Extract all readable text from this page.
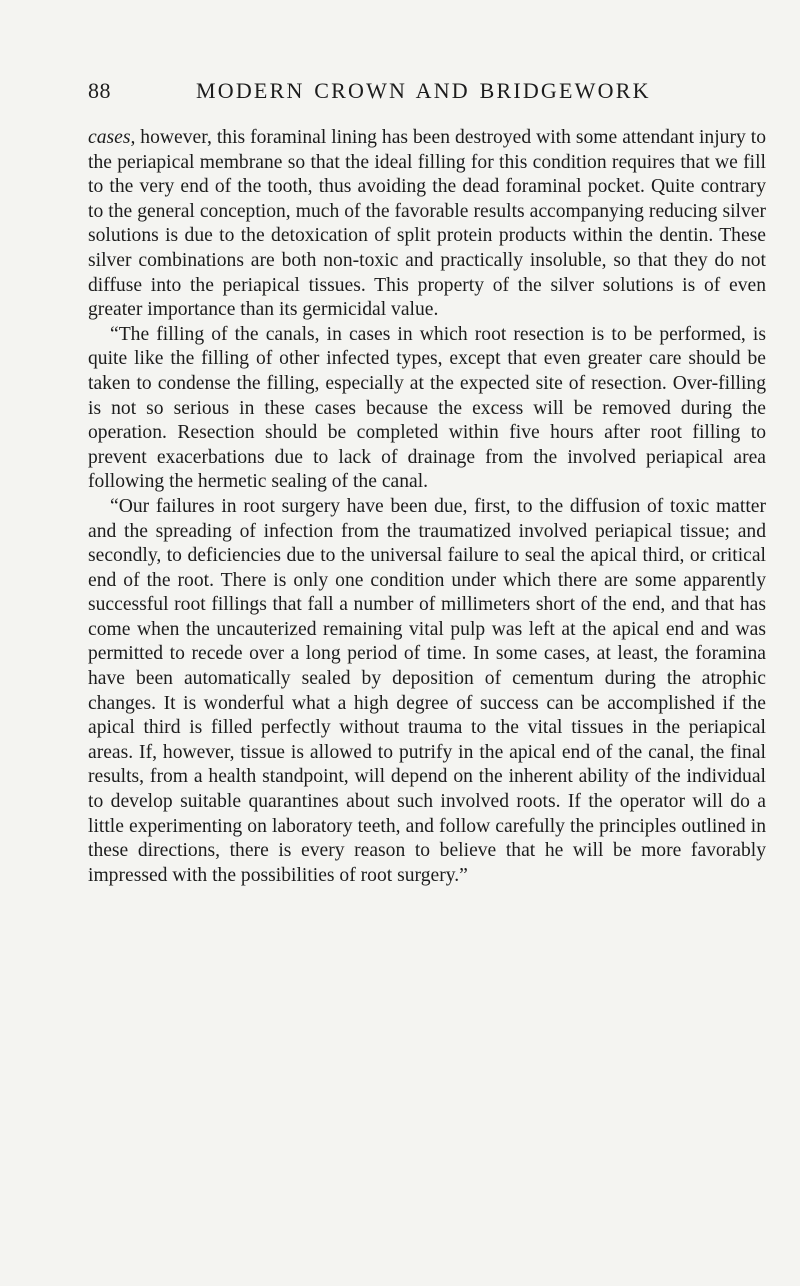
88	MODERN CROWN AND BRIDGEWORK

cases, however, this foraminal lining has been destroyed with some attendant injury to the periapical membrane so that the ideal filling for this condition requires that we fill to the very end of the tooth, thus avoiding the dead foraminal pocket. Quite contrary to the general conception, much of the favorable results accompanying reducing silver solutions is due to the detoxication of split protein products within the dentin. These silver combinations are both non-toxic and practically insoluble, so that they do not diffuse into the periapical tissues. This property of the silver solutions is of even greater importance than its germicidal value.

“The filling of the canals, in cases in which root resection is to be performed, is quite like the filling of other infected types, except that even greater care should be taken to condense the filling, especially at the expected site of resection. Over-filling is not so serious in these cases because the excess will be removed during the operation. Resection should be completed within five hours after root filling to prevent exacerbations due to lack of drainage from the involved periapical area following the hermetic sealing of the canal.

“Our failures in root surgery have been due, first, to the diffusion of toxic matter and the spreading of infection from the traumatized involved periapical tissue; and secondly, to deficiencies due to the universal failure to seal the apical third, or critical end of the root. There is only one condition under which there are some apparently successful root fillings that fall a number of millimeters short of the end, and that has come when the uncauterized remaining vital pulp was left at the apical end and was permitted to recede over a long period of time. In some cases, at least, the foramina have been automatically sealed by deposition of cementum during the atrophic changes. It is wonderful what a high degree of success can be accomplished if the apical third is filled perfectly without trauma to the vital tissues in the periapical areas. If, however, tissue is allowed to putrify in the apical end of the canal, the final results, from a health standpoint, will depend on the inherent ability of the individual to develop suitable quarantines about such involved roots. If the operator will do a little experimenting on laboratory teeth, and follow carefully the principles outlined in these directions, there is every reason to believe that he will be more favorably impressed with the possibilities of root surgery.”
